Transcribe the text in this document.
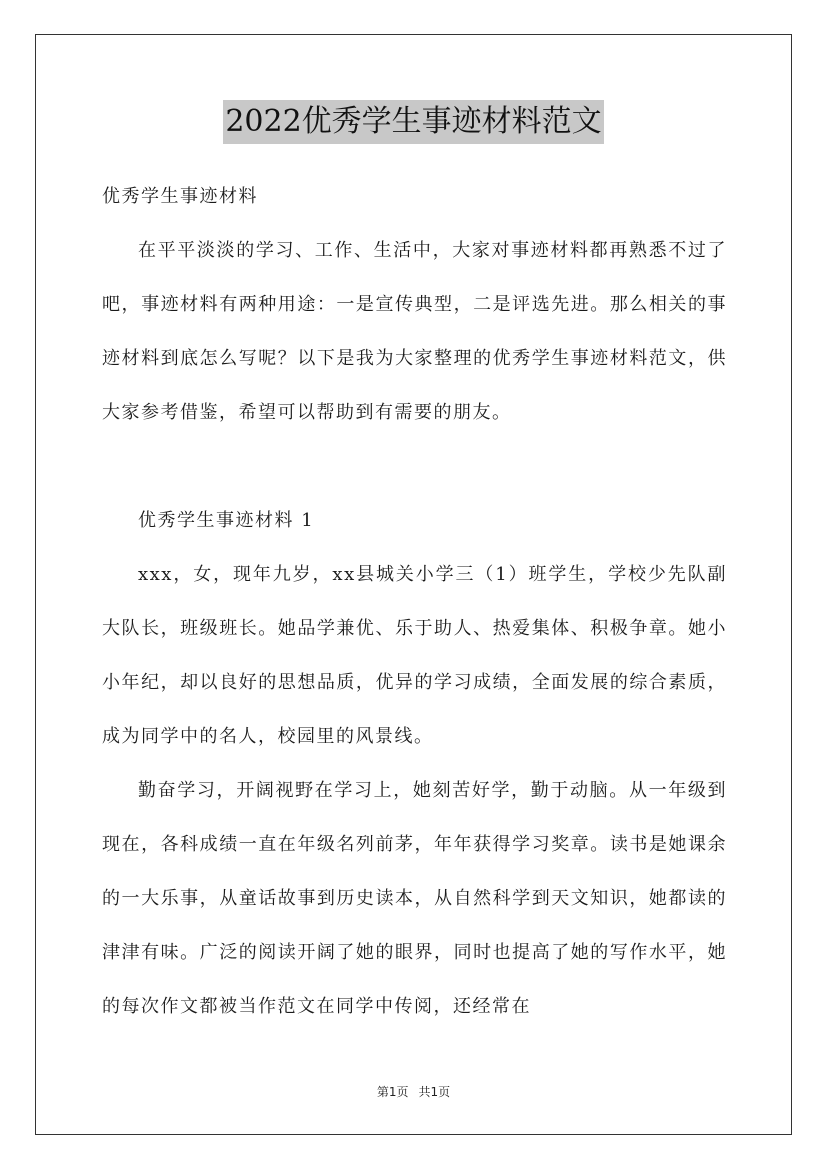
2022优秀学生事迹材料范文

优秀学生事迹材料

在平平淡淡的学习、工作、生活中，大家对事迹材料都再熟悉不过了吧，事迹材料有两种用途：一是宣传典型，二是评选先进。那么相关的事迹材料到底怎么写呢？以下是我为大家整理的优秀学生事迹材料范文，供大家参考借鉴，希望可以帮助到有需要的朋友。

优秀学生事迹材料 1

xxx，女，现年九岁，xx县城关小学三（1）班学生，学校少先队副大队长，班级班长。她品学兼优、乐于助人、热爱集体、积极争章。她小小年纪，却以良好的思想品质，优异的学习成绩，全面发展的综合素质，成为同学中的名人，校园里的风景线。

勤奋学习，开阔视野在学习上，她刻苦好学，勤于动脑。从一年级到现在，各科成绩一直在年级名列前茅，年年获得学习奖章。读书是她课余的一大乐事，从童话故事到历史读本，从自然科学到天文知识，她都读的津津有味。广泛的阅读开阔了她的眼界，同时也提高了她的写作水平，她的每次作文都被当作范文在同学中传阅，还经常在

第1页 共1页
